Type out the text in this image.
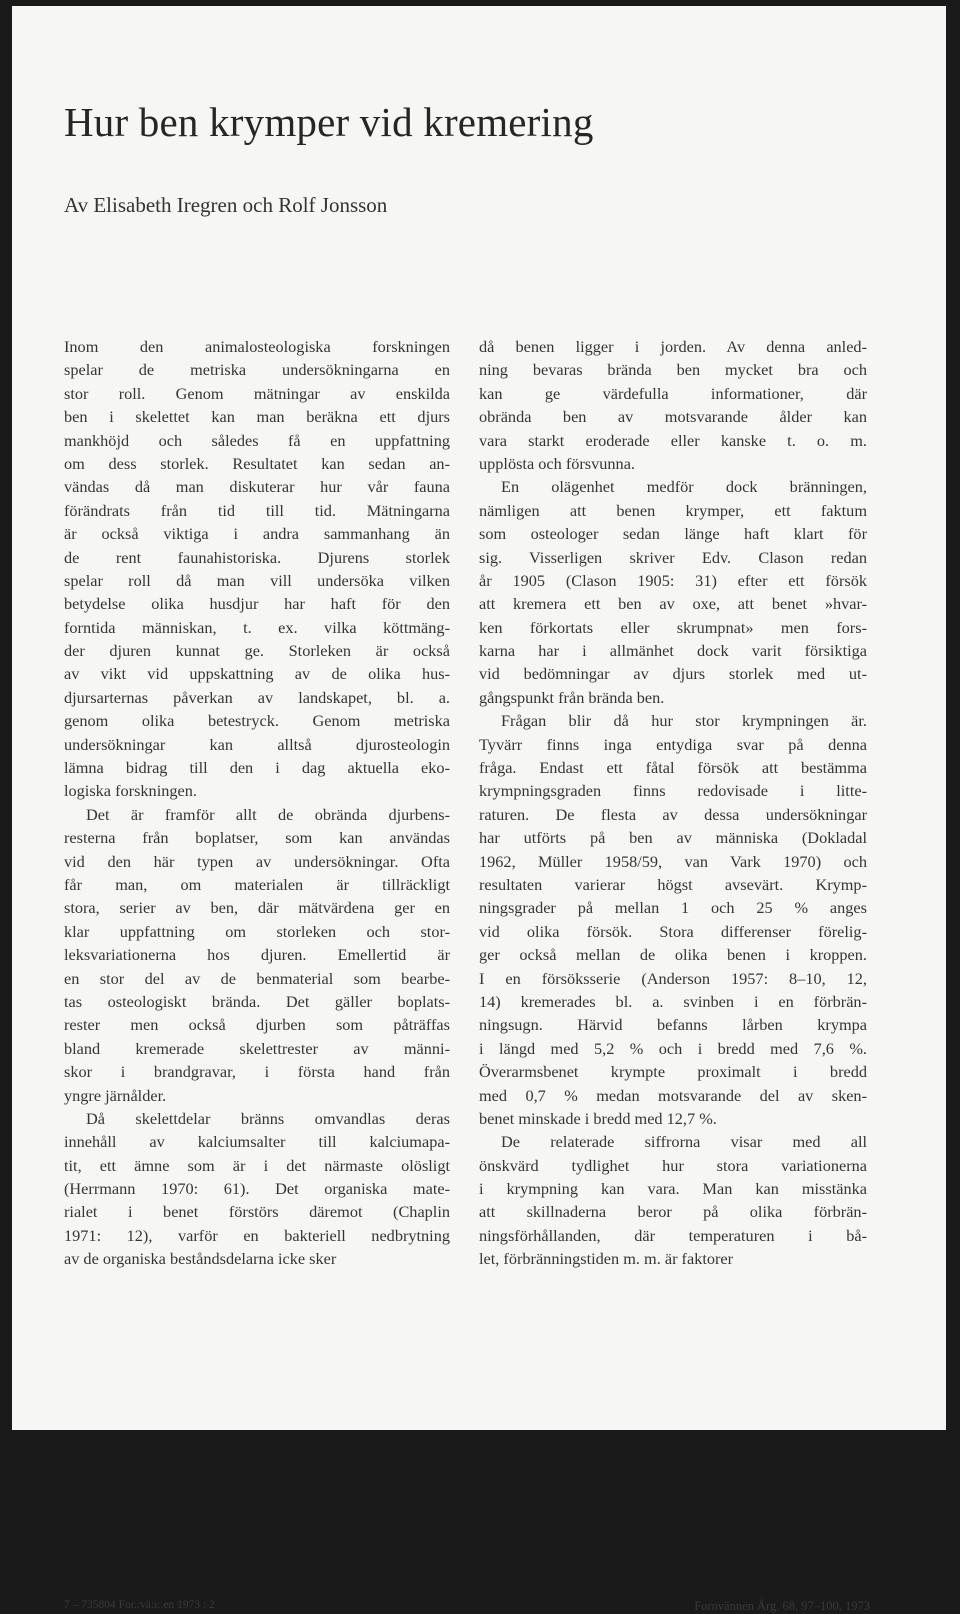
Hur ben krymper vid kremering
Av Elisabeth Iregren och Rolf Jonsson
Inom den animalosteologiska forskningen
spelar de metriska undersökningarna en
stor roll. Genom mätningar av enskilda
ben i skelettet kan man beräkna ett djurs
mankhöjd och således få en uppfattning
om dess storlek. Resultatet kan sedan an-
vändas då man diskuterar hur vår fauna
förändrats från tid till tid. Mätningarna
är också viktiga i andra sammanhang än
de rent faunahistoriska. Djurens storlek
spelar roll då man vill undersöka vilken
betydelse olika husdjur har haft för den
forntida människan, t. ex. vilka köttmäng-
der djuren kunnat ge. Storleken är också
av vikt vid uppskattning av de olika hus-
djursarternas påverkan av landskapet, bl. a.
genom olika betestryck. Genom metriska
undersökningar kan alltså djurosteologin
lämna bidrag till den i dag aktuella eko-
logiska forskningen.
Det är framför allt de obrända djurbens-
resterna från boplatser, som kan användas
vid den här typen av undersökningar. Ofta
får man, om materialen är tillräckligt
stora, serier av ben, där mätvärdena ger en
klar uppfattning om storleken och stor-
leksvariationerna hos djuren. Emellertid är
en stor del av de benmaterial som bearbe-
tas osteologiskt brända. Det gäller boplats-
rester men också djurben som påträffas
bland kremerade skelettrester av männi-
skor i brandgravar, i första hand från
yngre järnålder.
Då skelettdelar bränns omvandlas deras
innehåll av kalciumsalter till kalciumapa-
tit, ett ämne som är i det närmaste olösligt
(Herrmann 1970: 61). Det organiska mate-
rialet i benet förstörs däremot (Chaplin
1971: 12), varför en bakteriell nedbrytning
av de organiska beståndsdelarna icke sker
då benen ligger i jorden. Av denna anled-
ning bevaras brända ben mycket bra och
kan ge värdefulla informationer, där
obrända ben av motsvarande ålder kan
vara starkt eroderade eller kanske t. o. m.
upplösta och försvunna.
En olägenhet medför dock bränningen,
nämligen att benen krymper, ett faktum
som osteologer sedan länge haft klart för
sig. Visserligen skriver Edv. Clason redan
år 1905 (Clason 1905: 31) efter ett försök
att kremera ett ben av oxe, att benet »hvar-
ken förkortats eller skrumpnat» men fors-
karna har i allmänhet dock varit försiktiga
vid bedömningar av djurs storlek med ut-
gångspunkt från brända ben.
Frågan blir då hur stor krympningen är.
Tyvärr finns inga entydiga svar på denna
fråga. Endast ett fåtal försök att bestämma
krympningsgraden finns redovisade i litte-
raturen. De flesta av dessa undersökningar
har utförts på ben av människa (Dokladal
1962, Müller 1958/59, van Vark 1970) och
resultaten varierar högst avsevärt. Krymp-
ningsgrader på mellan 1 och 25 % anges
vid olika försök. Stora differenser förelig-
ger också mellan de olika benen i kroppen.
I en försöksserie (Anderson 1957: 8–10, 12,
14) kremerades bl. a. svinben i en förbrän-
ningsugn. Härvid befanns lårben krympa
i längd med 5,2 % och i bredd med 7,6 %.
Överarmsbenet krympte proximalt i bredd
med 0,7 % medan motsvarande del av sken-
benet minskade i bredd med 12,7 %.
De relaterade siffrorna visar med all
önskvärd tydlighet hur stora variationerna
i krympning kan vara. Man kan misstänka
att skillnaderna beror på olika förbrän-
ningsförhållanden, där temperaturen i bå-
let, förbränningstiden m. m. är faktorer
7 – 735804 For.:vä:ı:.en 1973 : 2	Fornvännen Årg. 68, 97–100, 1973
